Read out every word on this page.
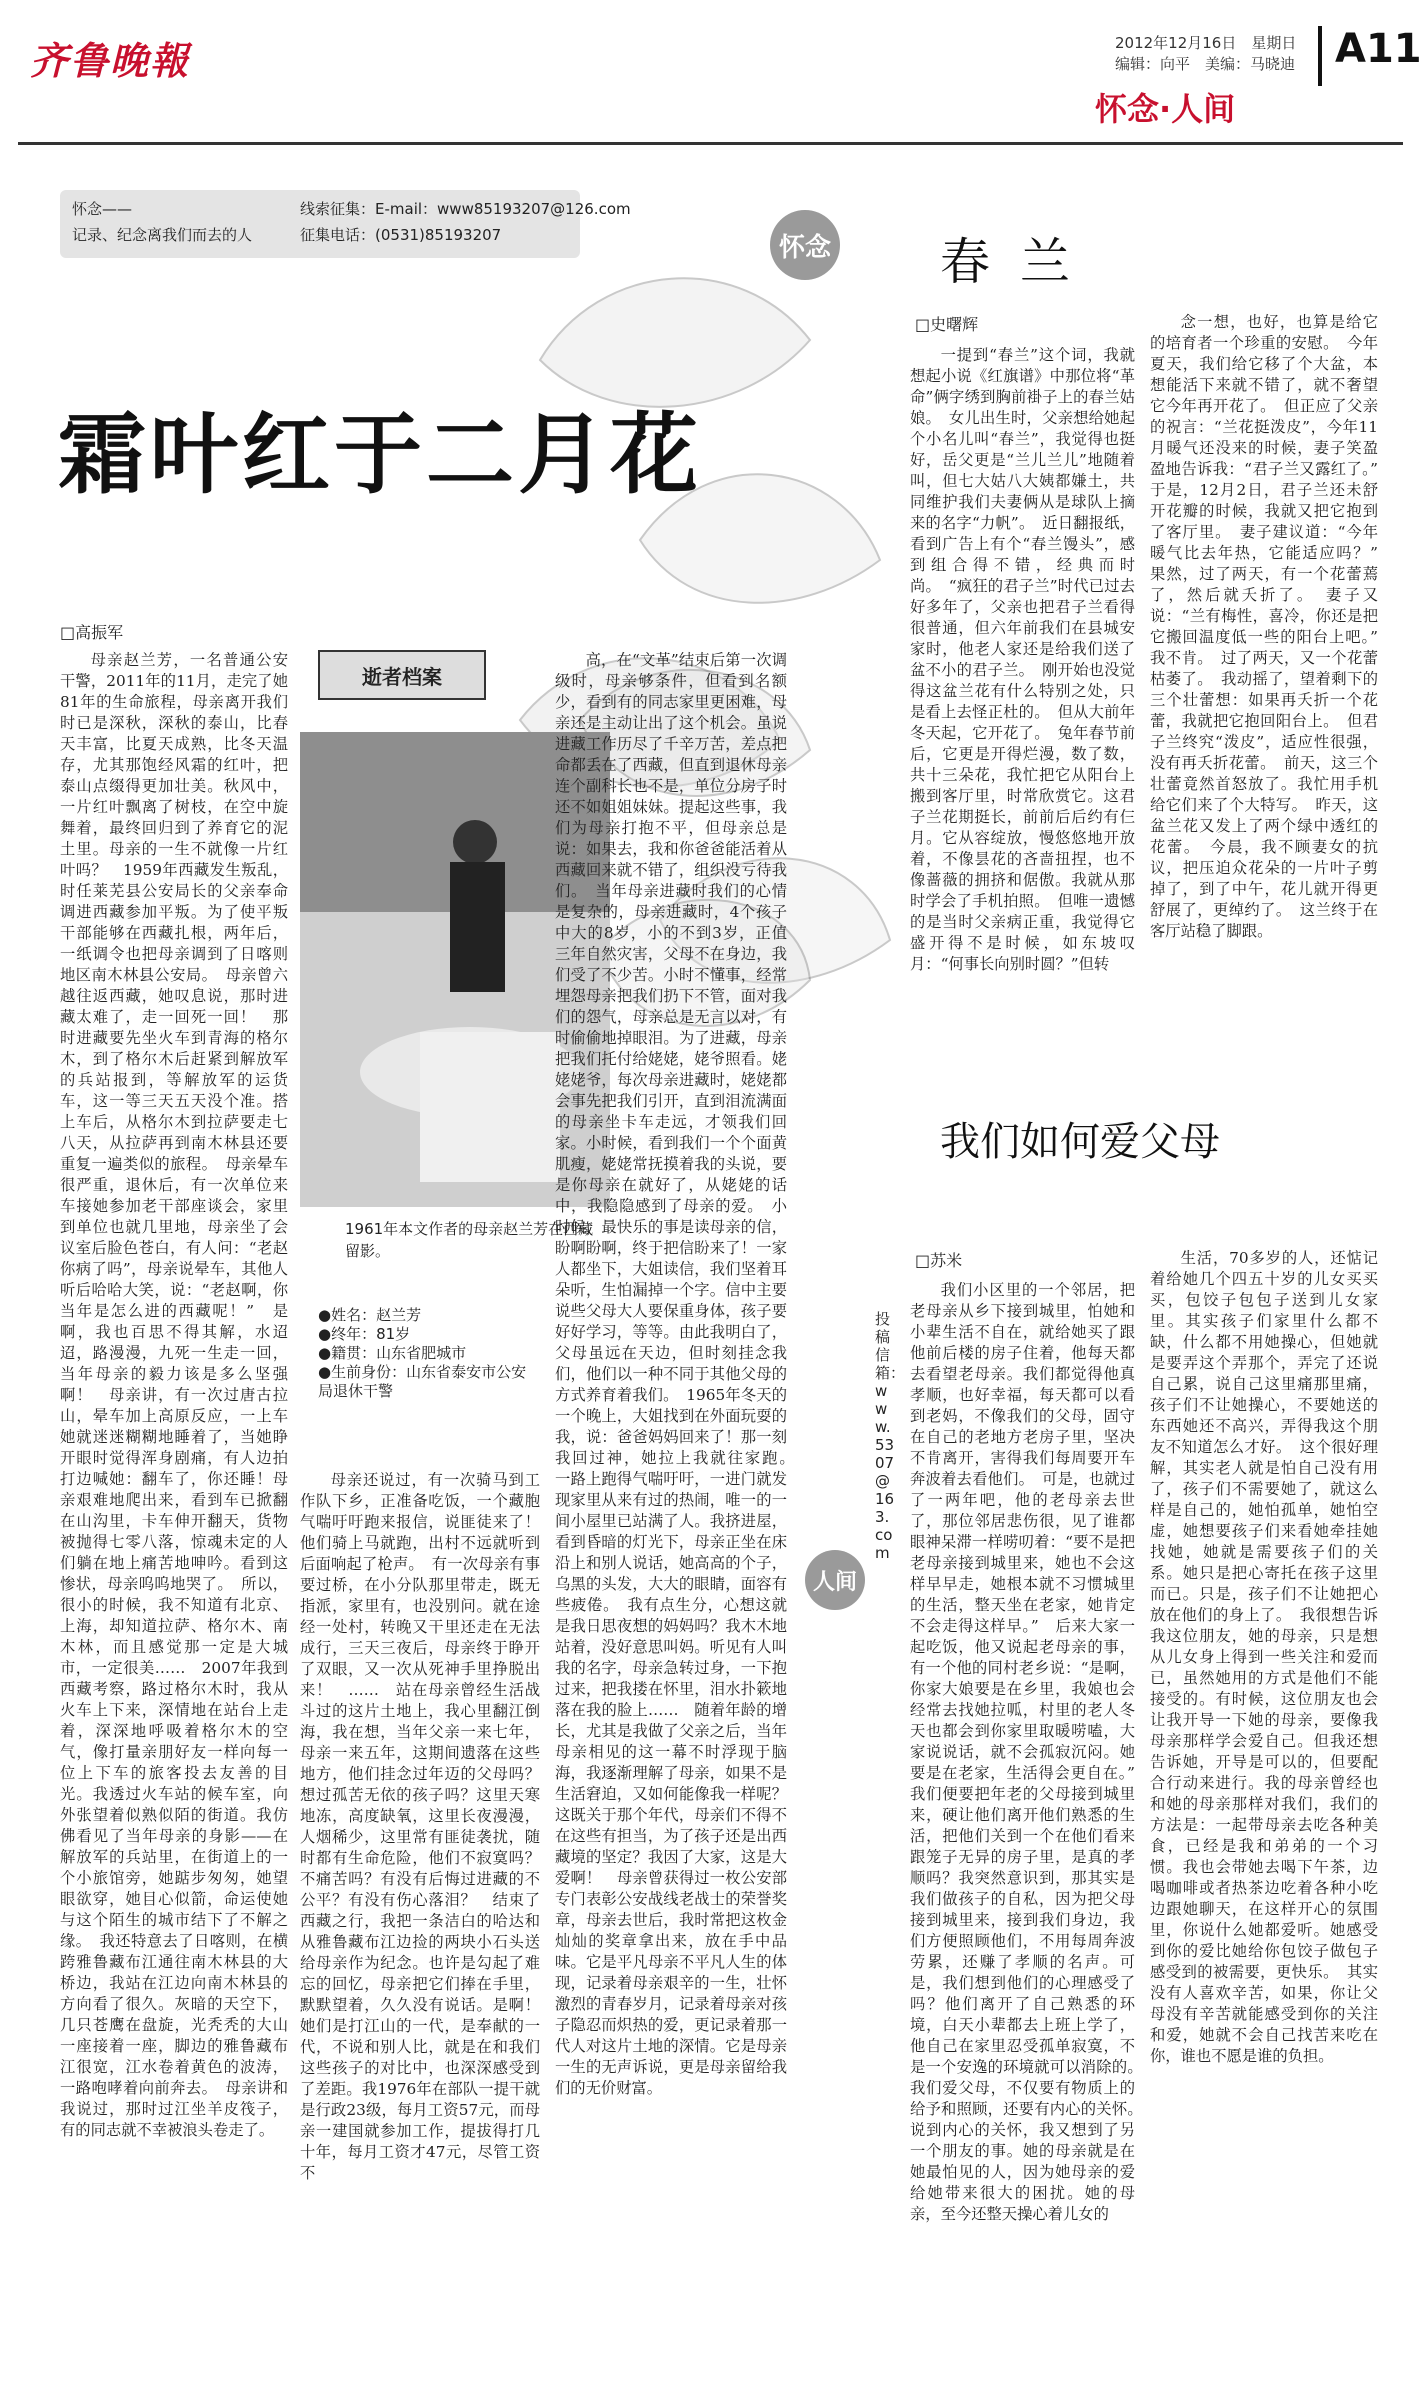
齐鲁晚報	2012年12月16日　星期日
编辑：向平　美编：马晓迪 A11
怀念·人间
怀念——
记录、纪念离我们而去的人
线索征集：E-mail：www85193207@126.com
征集电话：(0531)85193207	怀念
人间
霜叶红于二月花
□高振军

母亲赵兰芳，一名普通公安干警，2011年的11月，走完了她81年的生命旅程，母亲离开我们时已是深秋，深秋的泰山，比春天丰富，比夏天成熟，比冬天温存，尤其那饱经风霜的红叶，把泰山点缀得更加壮美。秋风中，一片红叶飘离了树枝，在空中旋舞着，最终回归到了养育它的泥土里。母亲的一生不就像一片红叶吗？　1959年西藏发生叛乱，时任莱芜县公安局长的父亲奉命调进西藏参加平叛。为了使平叛干部能够在西藏扎根，两年后，一纸调令也把母亲调到了日喀则地区南木林县公安局。　母亲曾六越往返西藏，她叹息说，那时进藏太难了，走一回死一回！　那时进藏要先坐火车到青海的格尔木，到了格尔木后赶紧到解放军的兵站报到，等解放军的运货车，这一等三天五天没个准。搭上车后，从格尔木到拉萨要走七八天，从拉萨再到南木林县还要重复一遍类似的旅程。　母亲晕车很严重，退休后，有一次单位来车接她参加老干部座谈会，家里到单位也就几里地，母亲坐了会议室后脸色苍白，有人问：“老赵你病了吗”，母亲说晕车，其他人听后哈哈大笑，说：“老赵啊，你当年是怎么进的西藏呢！”　是啊，我也百思不得其解，水迢迢，路漫漫，九死一生走一回，当年母亲的毅力该是多么坚强啊！　母亲讲，有一次过唐古拉山，晕车加上高原反应，一上车她就迷迷糊糊地睡着了，当她睁开眼时觉得浑身剧痛，有人边拍打边喊她：翻车了，你还睡！母亲艰难地爬出来，看到车已掀翻在山沟里，卡车伸开翻天，货物被抛得七零八落，惊魂未定的人们躺在地上痛苦地呻吟。看到这惨状，母亲呜呜地哭了。　所以，很小的时候，我不知道有北京、上海，却知道拉萨、格尔木、南木林，而且感觉那一定是大城市，一定很美……　2007年我到西藏考察，路过格尔木时，我从火车上下来，深情地在站台上走着，深深地呼吸着格尔木的空气，像打量亲朋好友一样向每一位上下车的旅客投去友善的目光。我透过火车站的候车室，向外张望着似熟似陌的街道。我仿佛看见了当年母亲的身影——在解放军的兵站里，在街道上的一个小旅馆旁，她踮步匆匆，她望眼欲穿，她目心似箭，命运使她与这个陌生的城市结下了不解之缘。　我还特意去了日喀则，在横跨雅鲁藏布江通往南木林县的大桥边，我站在江边向南木林县的方向看了很久。灰暗的天空下，几只苍鹰在盘旋，光秃秃的大山一座接着一座，脚边的雅鲁藏布江很宽，江水卷着黄色的波涛，一路咆哮着向前奔去。　母亲讲和我说过，那时过江坐羊皮筏子，有的同志就不幸被浪头卷走了。

逝者档案
1961年本文作者的母亲赵兰芳在西藏留影。
●姓名：赵兰芳
●终年：81岁
●籍贯：山东省肥城市
●生前身份：山东省泰安市公安局退休干警

母亲还说过，有一次骑马到工作队下乡，正准备吃饭，一个藏胞气喘吁吁跑来报信，说匪徒来了！他们骑上马就跑，出村不远就听到后面响起了枪声。　有一次母亲有事要过桥，在小分队那里带走，既无指派，家里有，也没别问。就在途经一处村，转晚又干里还走在无法成行，三天三夜后，母亲终于睁开了双眼，又一次从死神手里挣脱出来！　……　站在母亲曾经生活战斗过的这片土地上，我心里翻江倒海，我在想，当年父亲一来七年，母亲一来五年，这期间遗落在这些地方，他们挂念过年迈的父母吗？想过孤苦无依的孩子吗？这里天寒地冻，高度缺氧，这里长夜漫漫，人烟稀少，这里常有匪徒袭扰，随时都有生命危险，他们不寂寞吗？不痛苦吗？有没有后悔过进藏的不公平？有没有伤心落泪？　结束了西藏之行，我把一条洁白的哈达和从雅鲁藏布江边捡的两块小石头送给母亲作为纪念。也许是勾起了难忘的回忆，母亲把它们捧在手里，默默望着，久久没有说话。是啊！她们是打江山的一代，是奉献的一代，不说和别人比，就是在和我们这些孩子的对比中，也深深感受到了差距。我1976年在部队一提干就是行政23级，每月工资57元，而母亲一建国就参加工作，提拔得打几十年，每月工资才47元，尽管工资不

高，在“文革”结束后第一次调级时，母亲够条件，但看到名额少，看到有的同志家里更困难，母亲还是主动让出了这个机会。虽说进藏工作历尽了千辛万苦，差点把命都丢在了西藏，但直到退休母亲连个副科长也不是，单位分房子时还不如姐姐妹妹。提起这些事，我们为母亲打抱不平，但母亲总是说：如果去，我和你爸爸能活着从西藏回来就不错了，组织没亏待我们。　当年母亲进藏时我们的心情是复杂的，母亲进藏时，4个孩子中大的8岁，小的不到3岁，正值三年自然灾害，父母不在身边，我们受了不少苦。小时不懂事，经常埋怨母亲把我们扔下不管，面对我们的怨气，母亲总是无言以对，有时偷偷地掉眼泪。为了进藏，母亲把我们托付给姥姥，姥爷照看。姥姥姥爷，每次母亲进藏时，姥姥都会事先把我们引开，直到泪流满面的母亲坐卡车走远，才领我们回家。小时候，看到我们一个个面黄肌瘦，姥姥常抚摸着我的头说，要是你母亲在就好了，从姥姥的话中，我隐隐感到了母亲的爱。　小时候，最快乐的事是读母亲的信，盼啊盼啊，终于把信盼来了！一家人都坐下，大姐读信，我们坚着耳朵听，生怕漏掉一个字。信中主要说些父母大人要保重身体，孩子要好好学习，等等。由此我明白了，父母虽远在天边，但时刻挂念我们，他们以一种不同于其他父母的方式养育着我们。　1965年冬天的一个晚上，大姐找到在外面玩耍的我，说：爸爸妈妈回来了！那一刻我回过神，她拉上我就往家跑。　一路上跑得气喘吁吁，一进门就发现家里从来有过的热闹，唯一的一间小屋里已站满了人。我挤进屋，看到昏暗的灯光下，母亲正坐在床沿上和别人说话，她高高的个子，乌黑的头发，大大的眼睛，面容有些疲倦。　我有点生分，心想这就是我日思夜想的妈妈吗？我木木地站着，没好意思叫妈。听见有人叫我的名字，母亲急转过身，一下抱过来，把我搂在怀里，泪水扑簌地落在我的脸上……　随着年龄的增长，尤其是我做了父亲之后，当年母亲相见的这一幕不时浮现于脑海，我逐渐理解了母亲，如果不是生活窘迫，又如何能像我一样呢？这既关于那个年代，母亲们不得不在这些有担当，为了孩子还是出西藏境的坚定？我因了大家，这是大爱啊！　母亲曾获得过一枚公安部专门表彰公安战线老战士的荣誉奖章，母亲去世后，我时常把这枚金灿灿的奖章拿出来，放在手中品味。它是平凡母亲不平凡人生的体现，记录着母亲艰辛的一生，壮怀激烈的青春岁月，记录着母亲对孩子隐忍而炽热的爱，更记录着那一代人对这片土地的深情。它是母亲一生的无声诉说，更是母亲留给我们的无价财富。

投稿信箱：www.5307@163.com
春兰
□史曙辉

一提到“春兰”这个词，我就想起小说《红旗谱》中那位将“革命”俩字绣到胸前褂子上的春兰姑娘。　女儿出生时，父亲想给她起个小名儿叫“春兰”，我觉得也挺好，岳父更是“兰儿兰儿”地随着叫，但七大姑八大姨都嫌土，共同维护我们夫妻俩从是球队上摘来的名字“力帆”。　近日翻报纸，看到广告上有个“春兰馒头”，感到组合得不错，经典而时尚。　“疯狂的君子兰”时代已过去好多年了，父亲也把君子兰看得很普通，但六年前我们在县城安家时，他老人家还是给我们送了盆不小的君子兰。　刚开始也没觉得这盆兰花有什么特别之处，只是看上去怪正杜的。　但从大前年冬天起，它开花了。　兔年春节前后，它更是开得烂漫，数了数，共十三朵花，我忙把它从阳台上搬到客厅里，时常欣赏它。这君子兰花期挺长，前前后后约有仨月。它从容绽放，慢悠悠地开放着，不像昙花的吝啬扭捏，也不像蔷薇的拥挤和倨傲。我就从那时学会了手机拍照。　但唯一遗憾的是当时父亲病正重，我觉得它盛开得不是时候，如东坡叹月：“何事长向别时圆？”但转

念一想，也好，也算是给它的培育者一个珍重的安慰。　今年夏天，我们给它移了个大盆，本想能活下来就不错了，就不奢望它今年再开花了。　但正应了父亲的祝言：“兰花挺泼皮”，今年11月暖气还没来的时候，妻子笑盈盈地告诉我：“君子兰又露红了。”　于是，12月2日，君子兰还未舒开花瓣的时候，我就又把它抱到了客厅里。　妻子建议道：“今年暖气比去年热，它能适应吗？”　果然，过了两天，有一个花蕾蔫了，然后就夭折了。　妻子又说：“兰有梅性，喜冷，你还是把它搬回温度低一些的阳台上吧。”　我不肯。　过了两天，又一个花蕾枯萎了。　我动摇了，望着剩下的三个壮蕾想：如果再夭折一个花蕾，我就把它抱回阳台上。　但君子兰终究“泼皮”，适应性很强，没有再夭折花蕾。　前天，这三个壮蕾竟然首怒放了。我忙用手机给它们来了个大特写。　昨天，这盆兰花又发上了两个绿中透红的花蕾。　今晨，我不顾妻女的抗议，把压迫众花朵的一片叶子剪掉了，到了中午，花儿就开得更舒展了，更绰约了。　这兰终于在客厅站稳了脚跟。

我们如何爱父母
□苏米

我们小区里的一个邻居，把老母亲从乡下接到城里，怕她和小辈生活不自在，就给她买了跟他前后楼的房子住着，他每天都去看望老母亲。我们都觉得他真孝顺，也好幸福，每天都可以看到老妈，不像我们的父母，固守在自己的老地方老房子里，坚决不肯离开，害得我们每周要开车奔波着去看他们。　可是，也就过了一两年吧，他的老母亲去世了，那位邻居悲伤很，见了谁都眼神呆滞一样唠叨着：“要不是把老母亲接到城里来，她也不会这样早早走，她根本就不习惯城里的生活，整天坐在老家，她肯定不会走得这样早。”　后来大家一起吃饭，他又说起老母亲的事，有一个他的同村老乡说：“是啊，你家大娘要是在乡里，我娘也会经常去找她拉呱，村里的老人冬天也都会到你家里取暖唠嗑，大家说说话，就不会孤寂沉闷。她要是在老家，生活得会更自在。”　我们便要把年老的父母接到城里来，硬让他们离开他们熟悉的生活，把他们关到一个在他们看来跟笼子无异的房子里，是真的孝顺吗？我突然意识到，那其实是我们做孩子的自私，因为把父母接到城里来，接到我们身边，我们方便照顾他们，不用每周奔波劳累，还赚了孝顺的名声。可是，我们想到他们的心理感受了吗？他们离开了自己熟悉的环境，白天小辈都去上班上学了，他自己在家里忍受孤单寂寞，不是一个安逸的环境就可以消除的。　我们爱父母，不仅要有物质上的给予和照顾，还要有内心的关怀。　说到内心的关怀，我又想到了另一个朋友的事。她的母亲就是在她最怕见的人，因为她母亲的爱给她带来很大的困扰。她的母亲，至今还整天操心着儿女的

生活，70多岁的人，还惦记着给她几个四五十岁的儿女买买买，包饺子包包子送到儿女家里。其实孩子们家里什么都不缺，什么都不用她操心，但她就是要弄这个弄那个，弄完了还说自己累，说自己这里痛那里痛，孩子们不让她操心，不要她送的东西她还不高兴，弄得我这个朋友不知道怎么才好。　这个很好理解，其实老人就是怕自己没有用了，孩子们不需要她了，就这么样是自己的，她怕孤单，她怕空虚，她想要孩子们来看她牵挂她找她，她就是需要孩子们的关系。她只是把心寄托在孩子这里而已。只是，孩子们不让她把心放在他们的身上了。　我很想告诉我这位朋友，她的母亲，只是想从儿女身上得到一些关注和爱而已，虽然她用的方式是他们不能接受的。有时候，这位朋友也会让我开导一下她的母亲，要像我母亲那样学会爱自己。但我还想告诉她，开导是可以的，但要配合行动来进行。我的母亲曾经也和她的母亲那样对我们，我们的方法是：一起带母亲去吃各种美食，已经是我和弟弟的一个习惯。我也会带她去喝下午茶，边喝咖啡或者热茶边吃着各种小吃边跟她聊天，在这样开心的氛围里，你说什么她都爱听。她感受到你的爱比她给你包饺子做包子感受到的被需要，更快乐。　其实没有人喜欢辛苦，如果，你让父母没有辛苦就能感受到你的关注和爱，她就不会自己找苦来吃在你，谁也不愿是谁的负担。
